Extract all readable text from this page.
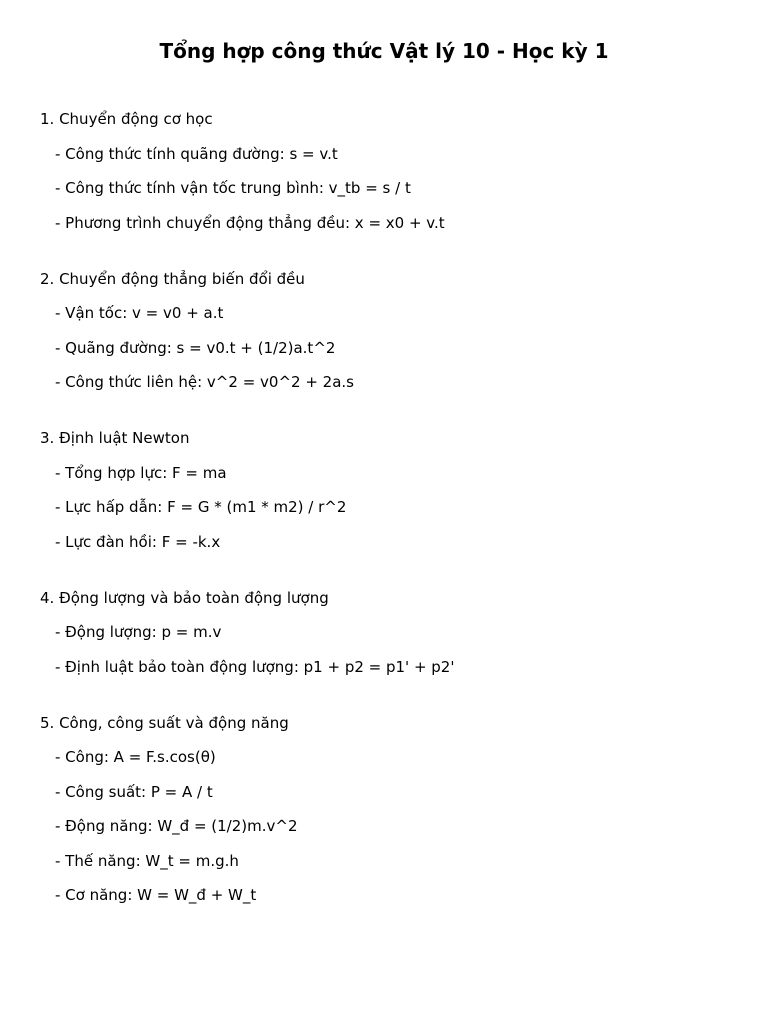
Tổng hợp công thức Vật lý 10 - Học kỳ 1
1. Chuyển động cơ học
- Công thức tính quãng đường: s = v.t
- Công thức tính vận tốc trung bình: v_tb = s / t
- Phương trình chuyển động thẳng đều: x = x0 + v.t
2. Chuyển động thẳng biến đổi đều
- Vận tốc: v = v0 + a.t
- Quãng đường: s = v0.t + (1/2)a.t^2
- Công thức liên hệ: v^2 = v0^2 + 2a.s
3. Định luật Newton
- Tổng hợp lực: F = ma
- Lực hấp dẫn: F = G * (m1 * m2) / r^2
- Lực đàn hồi: F = -k.x
4. Động lượng và bảo toàn động lượng
- Động lượng: p = m.v
- Định luật bảo toàn động lượng: p1 + p2 = p1' + p2'
5. Công, công suất và động năng
- Công: A = F.s.cos(θ)
- Công suất: P = A / t
- Động năng: W_đ = (1/2)m.v^2
- Thế năng: W_t = m.g.h
- Cơ năng: W = W_đ + W_t
